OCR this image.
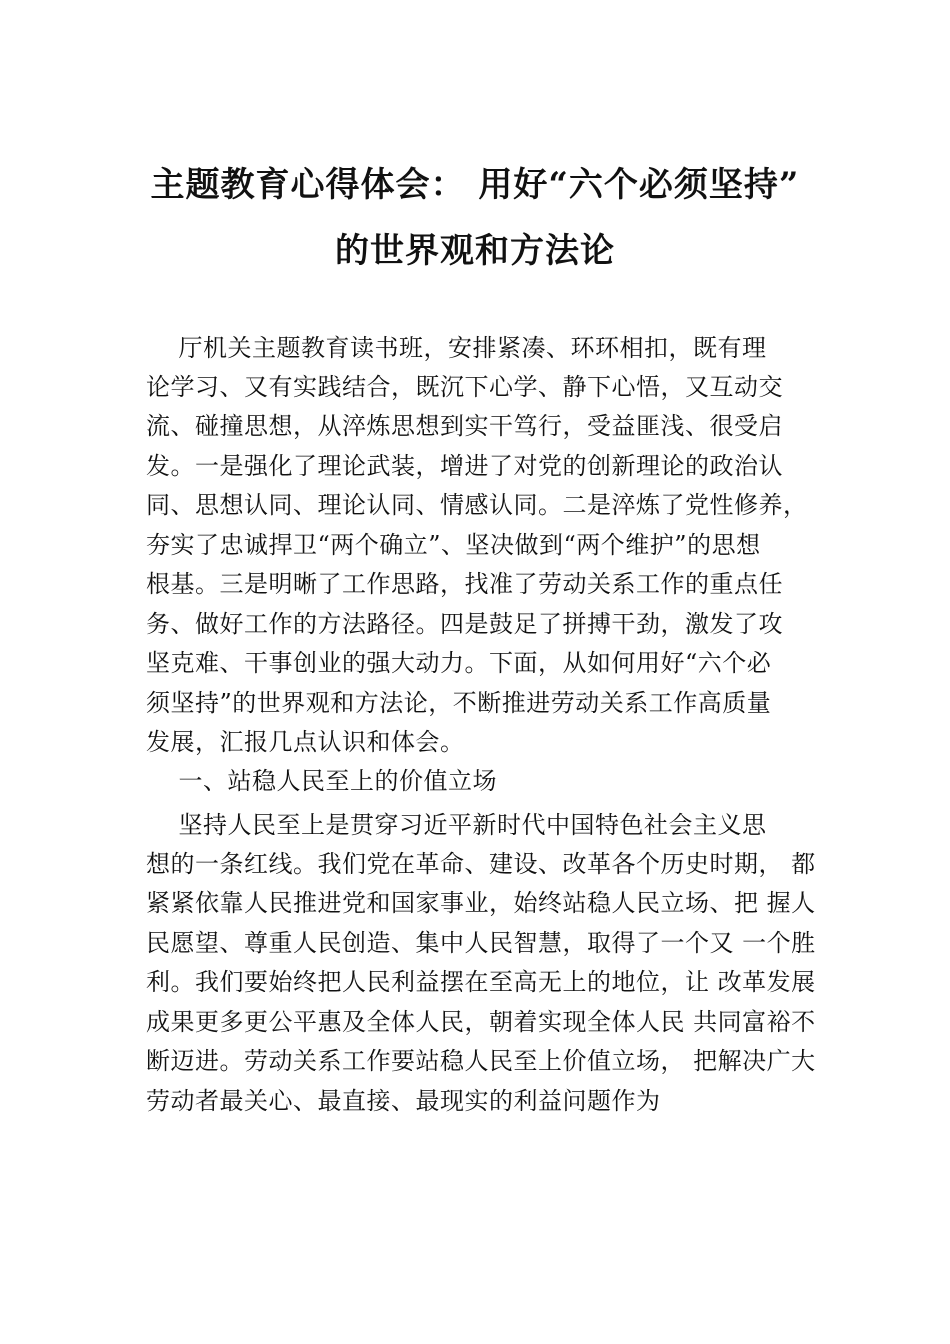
主题教育心得体会： 用好“六个必须坚持”
的世界观和方法论
厅机关主题教育读书班，安排紧凑、环环相扣，既有理
论学习、又有实践结合，既沉下心学、静下心悟，又互动交
流、碰撞思想，从淬炼思想到实干笃行，受益匪浅、很受启
发。一是强化了理论武装，增进了对党的创新理论的政治认
同、思想认同、理论认同、情感认同。二是淬炼了党性修养，
夯实了忠诚捍卫“两个确立”、坚决做到“两个维护”的思想
根基。三是明晰了工作思路，找准了劳动关系工作的重点任
务、做好工作的方法路径。四是鼓足了拼搏干劲，激发了攻
坚克难、干事创业的强大动力。下面，从如何用好“六个必
须坚持”的世界观和方法论，不断推进劳动关系工作高质量
发展，汇报几点认识和体会。
一、站稳人民至上的价值立场
坚持人民至上是贯穿习近平新时代中国特色社会主义思
想的一条红线。我们党在革命、建设、改革各个历史时期， 都
紧紧依靠人民推进党和国家事业，始终站稳人民立场、把 握人
民愿望、尊重人民创造、集中人民智慧，取得了一个又 一个胜
利。我们要始终把人民利益摆在至高无上的地位，让 改革发展
成果更多更公平惠及全体人民，朝着实现全体人民 共同富裕不
断迈进。劳动关系工作要站稳人民至上价值立场， 把解决广大
劳动者最关心、最直接、最现实的利益问题作为
